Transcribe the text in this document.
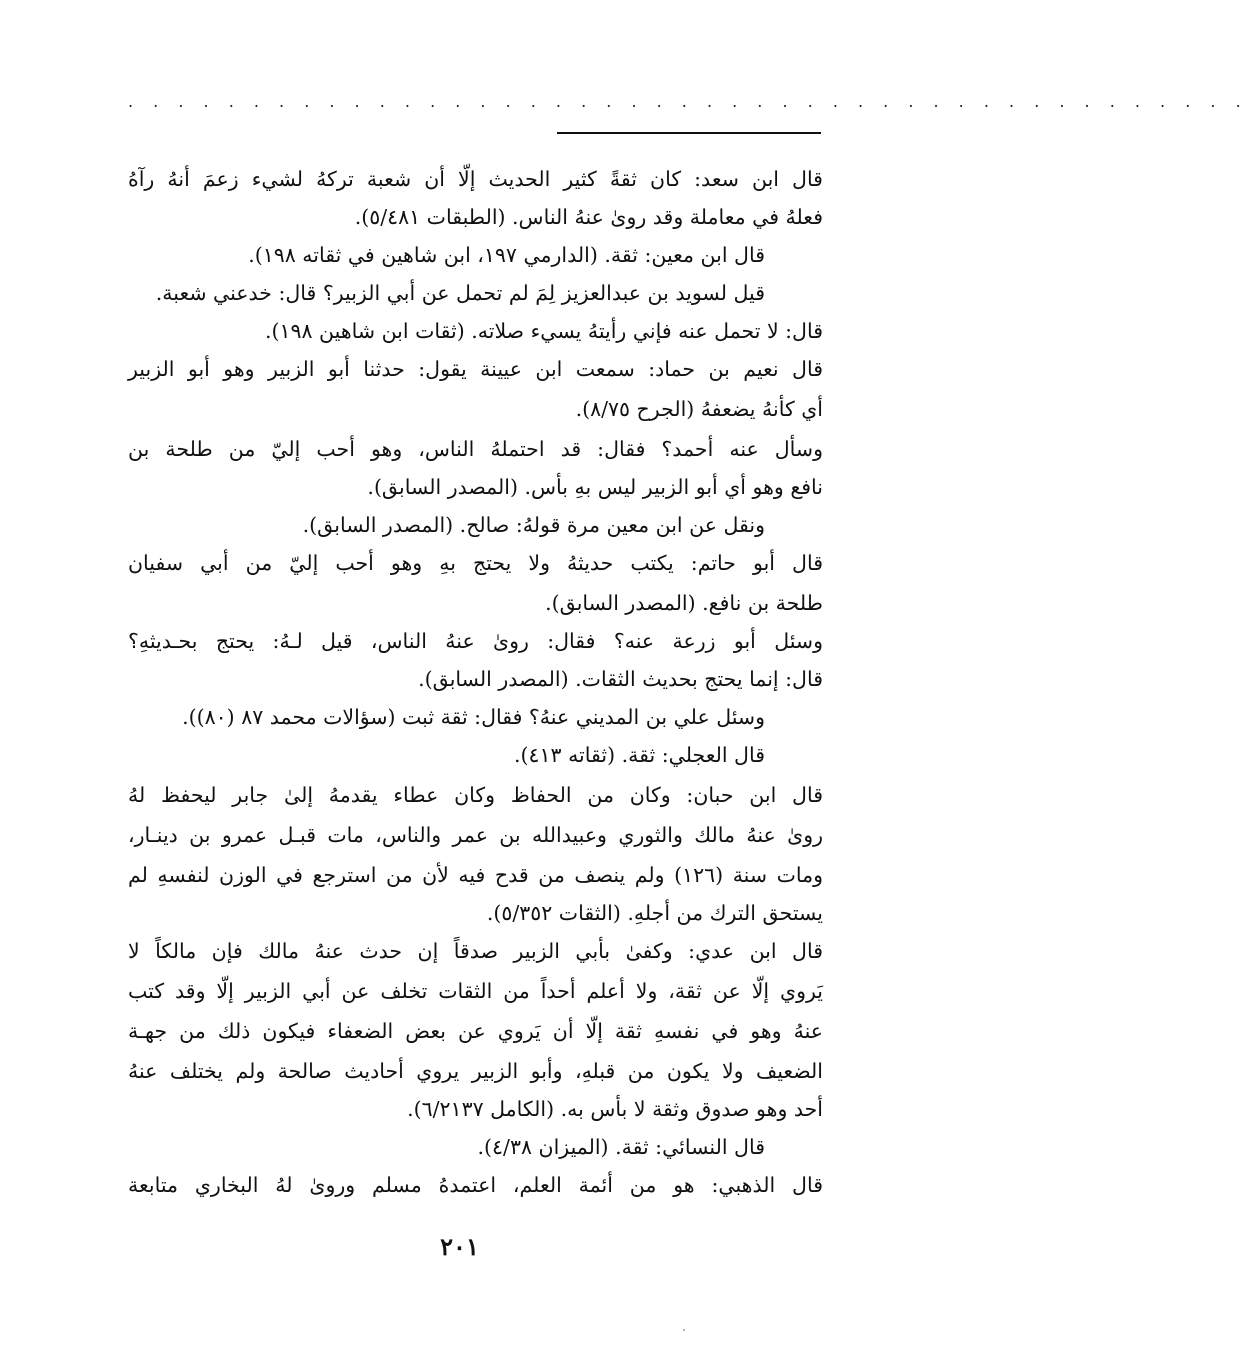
. . . . . . . . . . . . . . . . . . . . . . . . . . . . . . . . . . . . . . . . . . . . .
قال ابن سعد: كان ثقةً كثير الحديث إلّا أن شعبة تركهُ لشيء زعمَ أنهُ رآهُ
فعلهُ في معاملة وقد روىٰ عنهُ الناس. (الطبقات ٥/٤٨١).
قال ابن معين: ثقة. (الدارمي ١٩٧، ابن شاهين في ثقاته ١٩٨).
قيل لسويد بن عبدالعزيز لِمَ لم تحمل عن أبي الزبير؟ قال: خدعني شعبة.
قال: لا تحمل عنه فإني رأيتهُ يسيء صلاته. (ثقات ابن شاهين ١٩٨).
قال نعيم بن حماد: سمعت ابن عيينة يقول: حدثنا أبو الزبير وهو أبو الزبير
أي كأنهُ يضعفهُ (الجرح ٨/٧٥).
وسأل عنه أحمد؟ فقال: قد احتملهُ الناس، وهو أحب إليّ من طلحة بن
نافع وهو أي أبو الزبير ليس بهِ بأس. (المصدر السابق).
ونقل عن ابن معين مرة قولهُ: صالح. (المصدر السابق).
قال أبو حاتم: يكتب حديثهُ ولا يحتج بهِ وهو أحب إليّ من أبي سفيان
طلحة بن نافع. (المصدر السابق).
وسئل أبو زرعة عنه؟ فقال: روىٰ عنهُ الناس، قيل لـهُ: يحتج بحـديثهِ؟
قال: إنما يحتج بحديث الثقات. (المصدر السابق).
وسئل علي بن المديني عنهُ؟ فقال: ثقة ثبت (سؤالات محمد ٨٧ (٨٠)).
قال العجلي: ثقة. (ثقاته ٤١٣).
قال ابن حبان: وكان من الحفاظ وكان عطاء يقدمهُ إلىٰ جابر ليحفظ لهُ
روىٰ عنهُ مالك والثوري وعبيدالله بن عمر والناس، مات قبـل عمرو بن دينـار،
ومات سنة (١٢٦) ولم ينصف من قدح فيه لأن من استرجع في الوزن لنفسهِ لم
يستحق الترك من أجلهِ. (الثقات ٥/٣٥٢).
قال ابن عدي: وكفىٰ بأبي الزبير صدقاً إن حدث عنهُ مالك فإن مالكاً لا
يَروي إلّا عن ثقة، ولا أعلم أحداً من الثقات تخلف عن أبي الزبير إلّا وقد كتب
عنهُ وهو في نفسهِ ثقة إلّا أن يَروي عن بعض الضعفاء فيكون ذلك من جهـة
الضعيف ولا يكون من قبلهِ، وأبو الزبير يروي أحاديث صالحة ولم يختلف عنهُ
أحد وهو صدوق وثقة لا بأس به. (الكامل ٦/٢١٣٧).
قال النسائي: ثقة. (الميزان ٤/٣٨).
قال الذهبي: هو من أئمة العلم، اعتمدهُ مسلم وروىٰ لهُ البخاري متابعة
٢٠١
